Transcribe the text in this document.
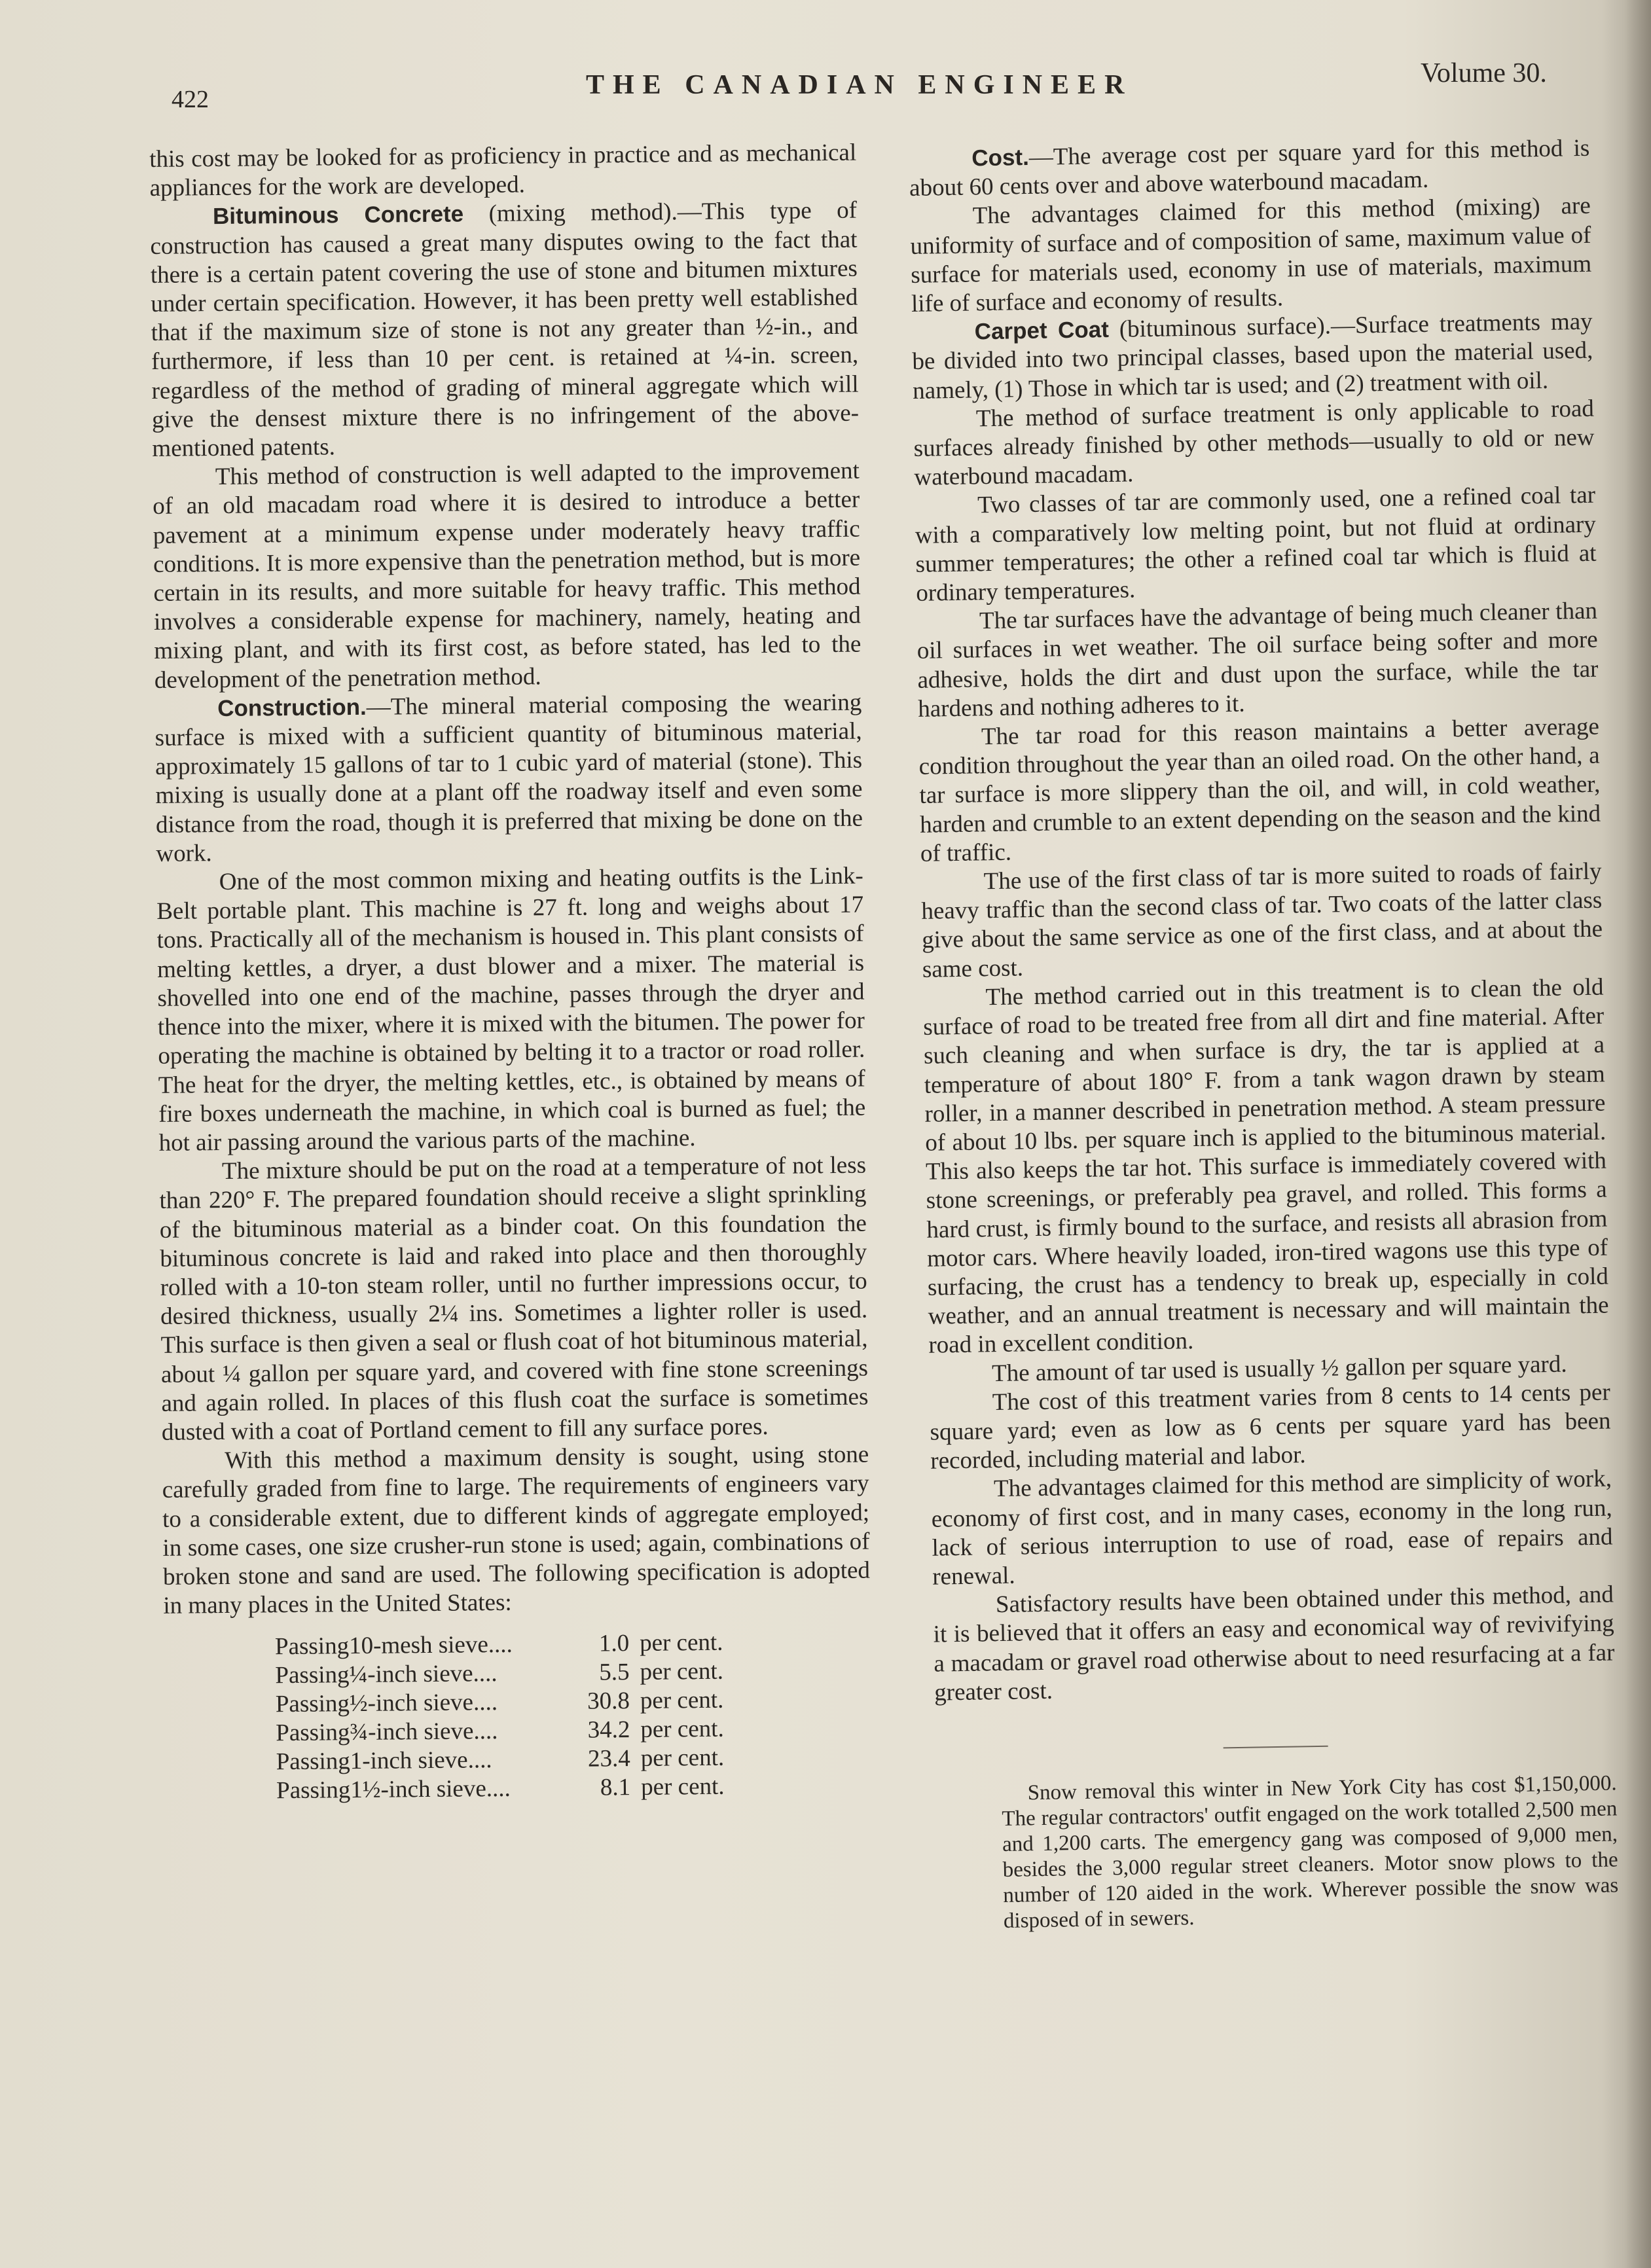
422	THE CANADIAN ENGINEER	Volume 30.

this cost may be looked for as proficiency in practice and as mechanical appliances for the work are developed.

Bituminous Concrete (mixing method).—This type of construction has caused a great many disputes owing to the fact that there is a certain patent covering the use of stone and bitumen mixtures under certain specification. However, it has been pretty well established that if the maximum size of stone is not any greater than ½-in., and furthermore, if less than 10 per cent. is retained at ¼-in. screen, regardless of the method of grading of mineral aggregate which will give the densest mixture there is no infringement of the above-mentioned patents.

This method of construction is well adapted to the improvement of an old macadam road where it is desired to introduce a better pavement at a minimum expense under moderately heavy traffic conditions. It is more expensive than the penetration method, but is more certain in its results, and more suitable for heavy traffic. This method involves a considerable expense for machinery, namely, heating and mixing plant, and with its first cost, as before stated, has led to the development of the penetration method.

Construction.—The mineral material composing the wearing surface is mixed with a sufficient quantity of bituminous material, approximately 15 gallons of tar to 1 cubic yard of material (stone). This mixing is usually done at a plant off the roadway itself and even some distance from the road, though it is preferred that mixing be done on the work.

One of the most common mixing and heating outfits is the Link-Belt portable plant. This machine is 27 ft. long and weighs about 17 tons. Practically all of the mechanism is housed in. This plant consists of melting kettles, a dryer, a dust blower and a mixer. The material is shovelled into one end of the machine, passes through the dryer and thence into the mixer, where it is mixed with the bitumen. The power for operating the machine is obtained by belting it to a tractor or road roller. The heat for the dryer, the melting kettles, etc., is obtained by means of fire boxes underneath the machine, in which coal is burned as fuel; the hot air passing around the various parts of the machine.

The mixture should be put on the road at a temperature of not less than 220° F. The prepared foundation should receive a slight sprinkling of the bituminous material as a binder coat. On this foundation the bituminous concrete is laid and raked into place and then thoroughly rolled with a 10-ton steam roller, until no further impressions occur, to desired thickness, usually 2¼ ins. Sometimes a lighter roller is used. This surface is then given a seal or flush coat of hot bituminous material, about ¼ gallon per square yard, and covered with fine stone screenings and again rolled. In places of this flush coat the surface is sometimes dusted with a coat of Portland cement to fill any surface pores.

With this method a maximum density is sought, using stone carefully graded from fine to large. The requirements of engineers vary to a considerable extent, due to different kinds of aggregate employed; in some cases, one size crusher-run stone is used; again, combinations of broken stone and sand are used. The following specification is adopted in many places in the United States:

Passing	10-mesh sieve....	1.0	per cent.
Passing	¼-inch sieve....	5.5	per cent.
Passing	½-inch sieve....	30.8	per cent.
Passing	¾-inch sieve....	34.2	per cent.
Passing	1-inch sieve....	23.4	per cent.
Passing	1½-inch sieve....	8.1	per cent.

Cost.—The average cost per square yard for this method is about 60 cents over and above waterbound macadam.

The advantages claimed for this method (mixing) are uniformity of surface and of composition of same, maximum value of surface for materials used, economy in use of materials, maximum life of surface and economy of results.

Carpet Coat (bituminous surface).—Surface treatments may be divided into two principal classes, based upon the material used, namely, (1) Those in which tar is used; and (2) treatment with oil.

The method of surface treatment is only applicable to road surfaces already finished by other methods—usually to old or new waterbound macadam.

Two classes of tar are commonly used, one a refined coal tar with a comparatively low melting point, but not fluid at ordinary summer temperatures; the other a refined coal tar which is fluid at ordinary temperatures.

The tar surfaces have the advantage of being much cleaner than oil surfaces in wet weather. The oil surface being softer and more adhesive, holds the dirt and dust upon the surface, while the tar hardens and nothing adheres to it.

The tar road for this reason maintains a better average condition throughout the year than an oiled road. On the other hand, a tar surface is more slippery than the oil, and will, in cold weather, harden and crumble to an extent depending on the season and the kind of traffic.

The use of the first class of tar is more suited to roads of fairly heavy traffic than the second class of tar. Two coats of the latter class give about the same service as one of the first class, and at about the same cost.

The method carried out in this treatment is to clean the old surface of road to be treated free from all dirt and fine material. After such cleaning and when surface is dry, the tar is applied at a temperature of about 180° F. from a tank wagon drawn by steam roller, in a manner described in penetration method. A steam pressure of about 10 lbs. per square inch is applied to the bituminous material. This also keeps the tar hot. This surface is immediately covered with stone screenings, or preferably pea gravel, and rolled. This forms a hard crust, is firmly bound to the surface, and resists all abrasion from motor cars. Where heavily loaded, iron-tired wagons use this type of surfacing, the crust has a tendency to break up, especially in cold weather, and an annual treatment is necessary and will maintain the road in excellent condition.

The amount of tar used is usually ½ gallon per square yard.

The cost of this treatment varies from 8 cents to 14 cents per square yard; even as low as 6 cents per square yard has been recorded, including material and labor.

The advantages claimed for this method are simplicity of work, economy of first cost, and in many cases, economy in the long run, lack of serious interruption to use of road, ease of repairs and renewal.

Satisfactory results have been obtained under this method, and it is believed that it offers an easy and economical way of revivifying a macadam or gravel road otherwise about to need resurfacing at a far greater cost.

Snow removal this winter in New York City has cost $1,150,000. The regular contractors' outfit engaged on the work totalled 2,500 men and 1,200 carts. The emergency gang was composed of 9,000 men, besides the 3,000 regular street cleaners. Motor snow plows to the number of 120 aided in the work. Wherever possible the snow was disposed of in sewers.
